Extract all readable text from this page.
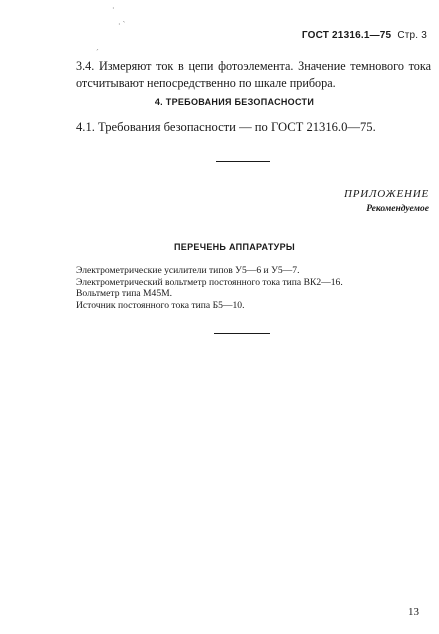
·
· ˋ
ˊ
ГОСТ 21316.1—75 Стр. 3

3.4. Измеряют ток в цепи фотоэлемента. Значение темнового тока отсчитывают непосредственно по шкале прибора.

4. ТРЕБОВАНИЯ БЕЗОПАСНОСТИ
4.1. Требования безопасности — по ГОСТ 21316.0—75.
ПРИЛОЖЕНИЕ
Рекомендуемое
ПЕРЕЧЕНЬ АППАРАТУРЫ
Электрометрические усилители типов У5—6 и У5—7.
Электрометрический вольтметр постоянного тока типа ВК2—16.
Вольтметр типа М45М.
Источник постоянного тока типа Б5—10.
13
